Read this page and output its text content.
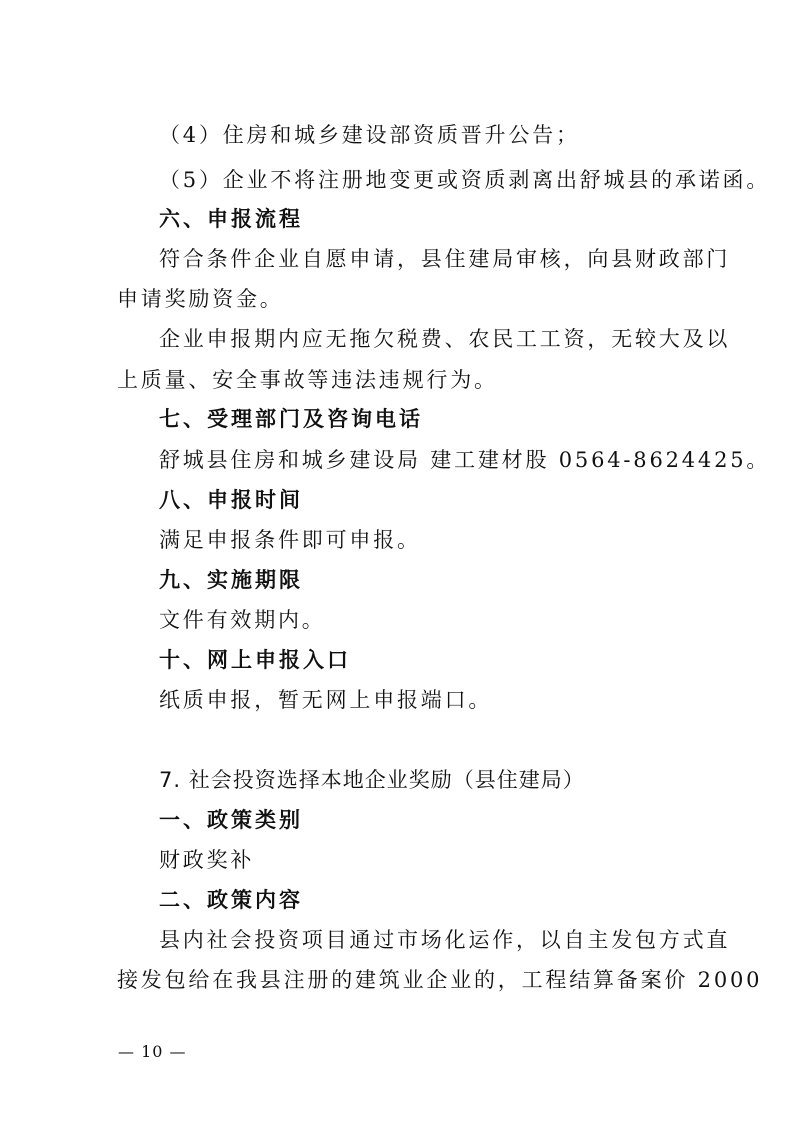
（4）住房和城乡建设部资质晋升公告；
（5）企业不将注册地变更或资质剥离出舒城县的承诺函。
六、申报流程
符合条件企业自愿申请，县住建局审核，向县财政部门
申请奖励资金。
企业申报期内应无拖欠税费、农民工工资，无较大及以
上质量、安全事故等违法违规行为。
七、受理部门及咨询电话
舒城县住房和城乡建设局 建工建材股 0564-8624425。
八、申报时间
满足申报条件即可申报。
九、实施期限
文件有效期内。
十、网上申报入口
纸质申报，暂无网上申报端口。
7. 社会投资选择本地企业奖励（县住建局）
一、政策类别
财政奖补
二、政策内容
县内社会投资项目通过市场化运作，以自主发包方式直
接发包给在我县注册的建筑业企业的，工程结算备案价 2000
— 10 —
